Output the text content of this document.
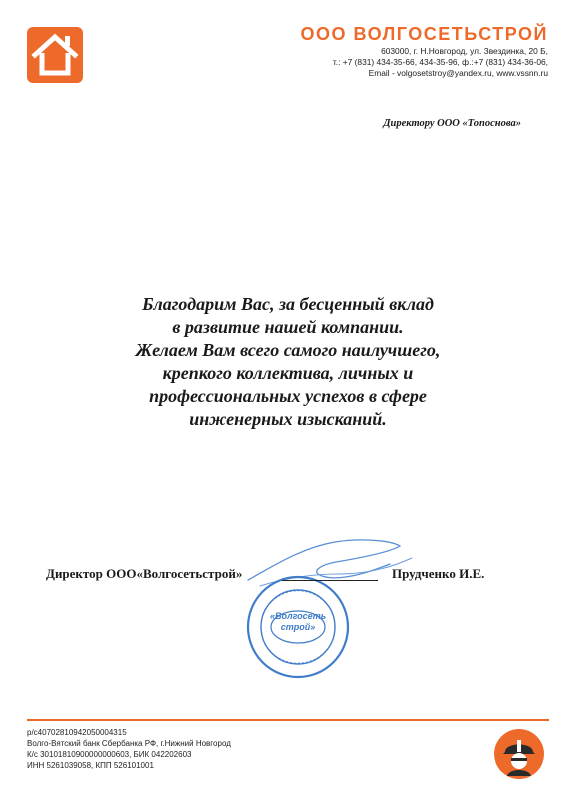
ООО ВОЛГОСЕТЬСТРОЙ
603000, г. Н.Новгород, ул. Звездинка, 20 Б,
т.: +7 (831) 434-35-66, 434-35-96, ф.:+7 (831) 434-36-06,
Email - volgosetstroy@yandex.ru, www.vssnn.ru
Директору ООО «Топоснова»
Благодарим Вас, за бесценный вклад
в развитие нашей компании.
Желаем Вам всего самого наилучшего,
крепкого коллектива, личных и
профессиональных успехов в сфере
инженерных изысканий.
«Волгосеть
строй»
Директор ООО«Волгосетьстрой»	Прудченко И.Е.
р/с40702810942050004315
Волго-Вятский банк Сбербанка РФ, г.Нижний Новгород
К/с 30101810900000000603, БИК 042202603
ИНН 5261039058, КПП 526101001
